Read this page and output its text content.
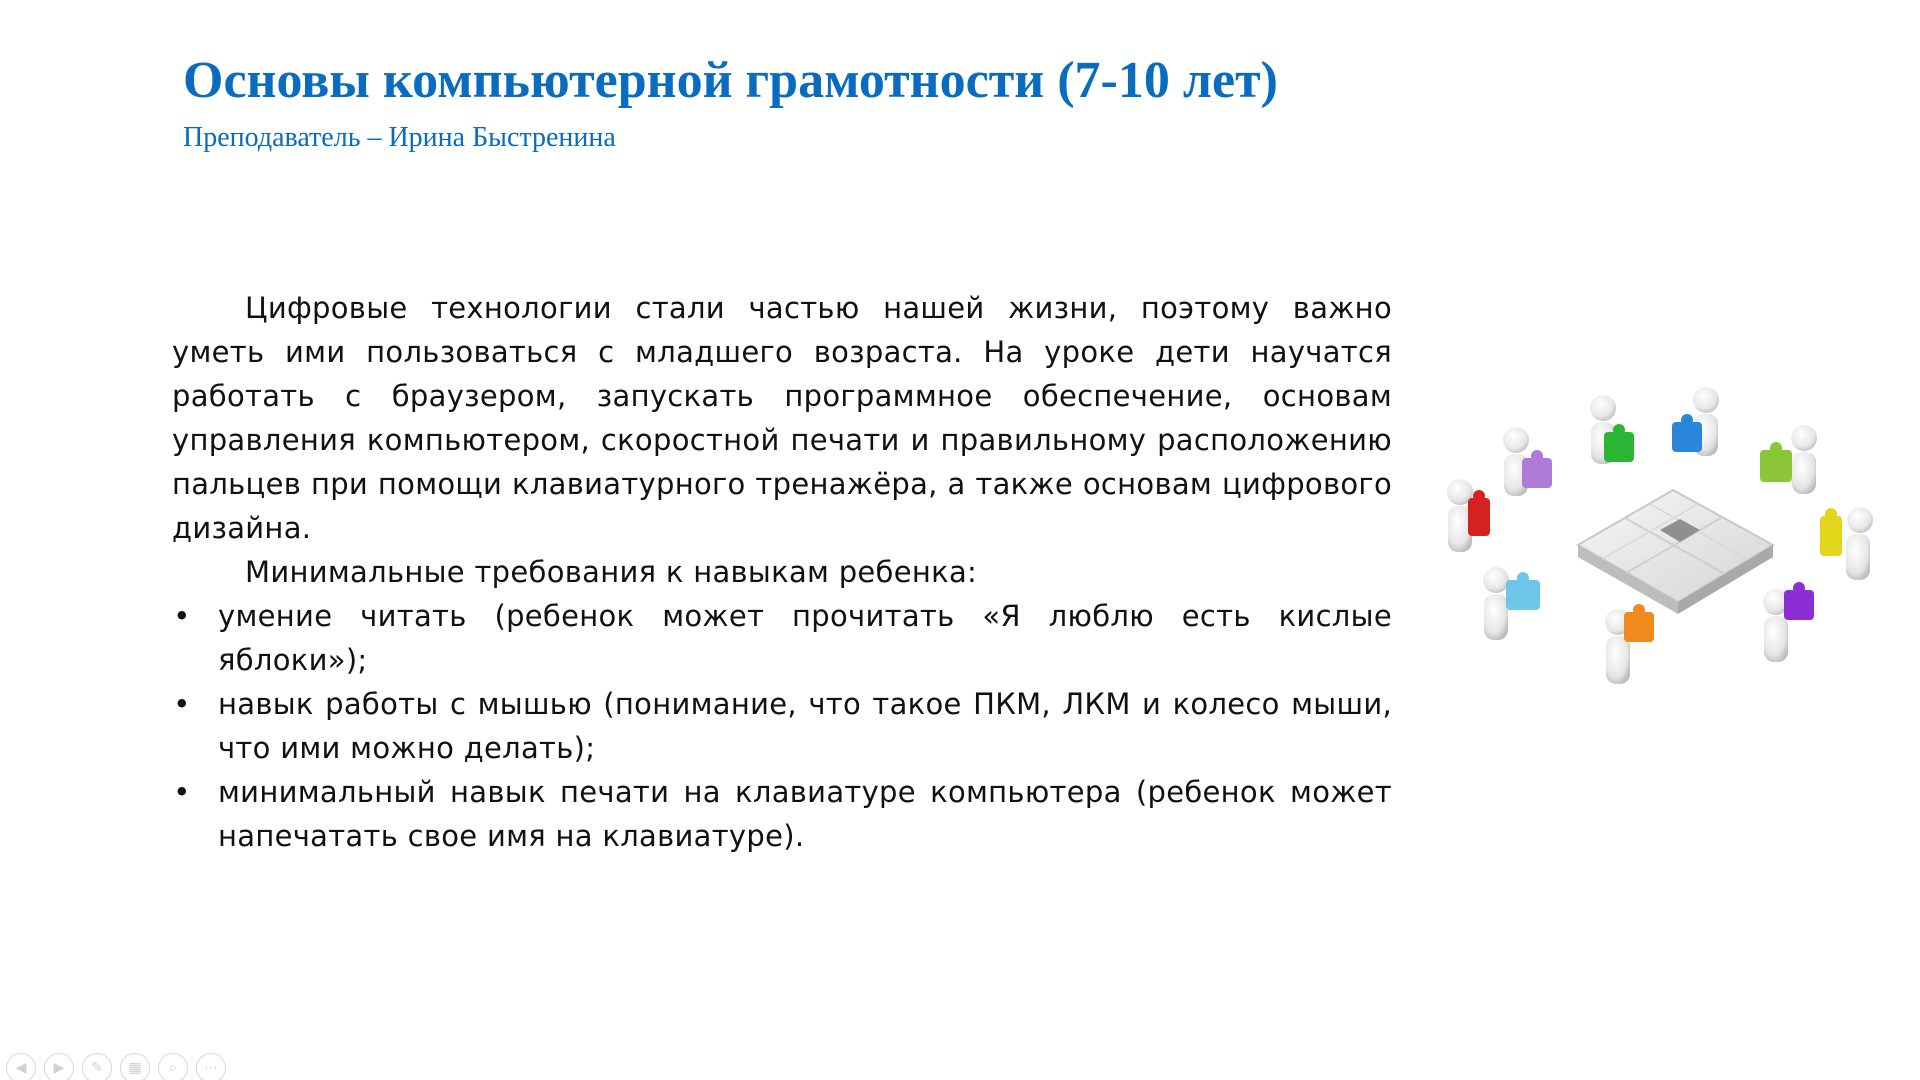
Основы компьютерной грамотности (7-10 лет)
Преподаватель – Ирина Быстренина

Цифровые технологии стали частью нашей жизни, поэтому важно уметь ими пользоваться с младшего возраста. На уроке дети научатся работать с браузером, запускать программное обеспечение, основам управления компьютером, скоростной печати и правильному расположению пальцев при помощи клавиатурного тренажёра, а также основам цифрового дизайна.

Минимальные требования к навыкам ребенка:

• умение читать (ребенок может прочитать «Я люблю есть кислые яблоки»);
• навык работы с мышью (понимание, что такое ПКМ, ЛКМ и колесо мыши, что ими можно делать);
• минимальный навык печати на клавиатуре компьютера (ребенок может напечатать свое имя на клавиатуре).
◀	▶	✎	▦	⌕	⋯
